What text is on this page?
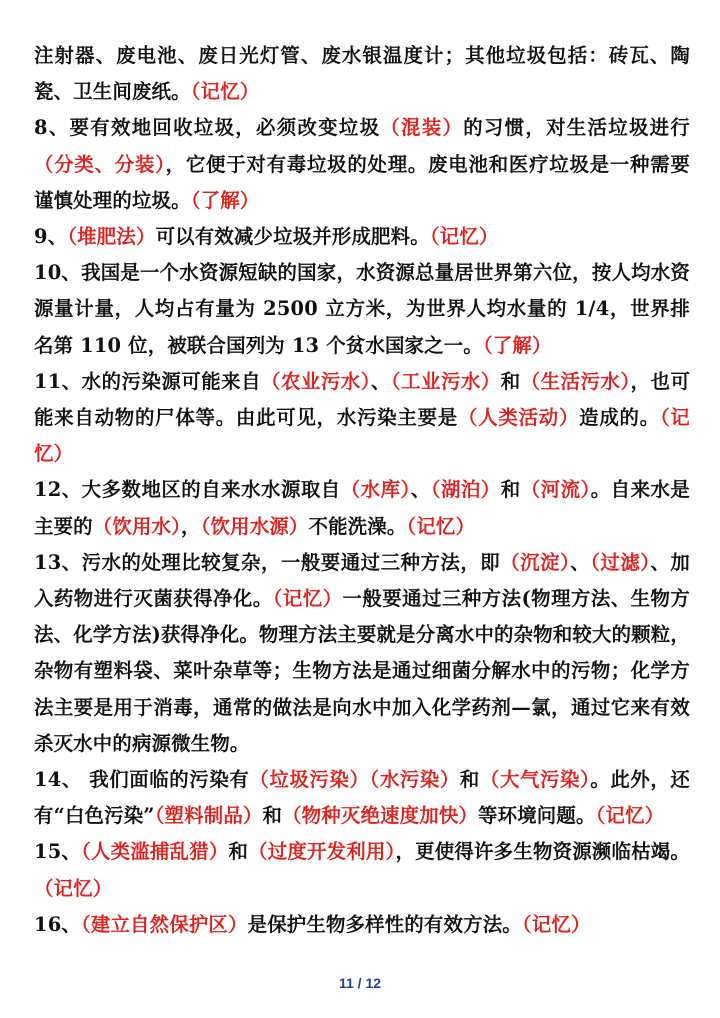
注射器、废电池、废日光灯管、废水银温度计；其他垃圾包括：砖瓦、陶瓷、卫生间废纸。（记忆）

8、要有效地回收垃圾，必须改变垃圾（混装）的习惯，对生活垃圾进行（分类、分装），它便于对有毒垃圾的处理。废电池和医疗垃圾是一种需要谨慎处理的垃圾。（了解）

9、（堆肥法）可以有效减少垃圾并形成肥料。（记忆）

10、我国是一个水资源短缺的国家，水资源总量居世界第六位，按人均水资源量计量，人均占有量为 2500 立方米，为世界人均水量的 1/4，世界排名第 110 位，被联合国列为 13 个贫水国家之一。（了解）

11、水的污染源可能来自（农业污水）、（工业污水）和（生活污水），也可能来自动物的尸体等。由此可见，水污染主要是（人类活动）造成的。（记忆）

12、大多数地区的自来水水源取自（水库）、（湖泊）和（河流）。自来水是主要的（饮用水），（饮用水源）不能洗澡。（记忆）

13、污水的处理比较复杂，一般要通过三种方法，即（沉淀）、（过滤）、加入药物进行灭菌获得净化。（记忆）一般要通过三种方法(物理方法、生物方法、化学方法)获得净化。物理方法主要就是分离水中的杂物和较大的颗粒，杂物有塑料袋、菜叶杂草等；生物方法是通过细菌分解水中的污物；化学方法主要是用于消毒，通常的做法是向水中加入化学药剂—氯，通过它来有效杀灭水中的病源微生物。

14、 我们面临的污染有（垃圾污染）（水污染）和（大气污染）。此外，还有“白色污染”（塑料制品）和（物种灭绝速度加快）等环境问题。（记忆）

15、（人类滥捕乱猎）和（过度开发利用），更使得许多生物资源濒临枯竭。（记忆）

16、（建立自然保护区）是保护生物多样性的有效方法。（记忆）

11 / 12
